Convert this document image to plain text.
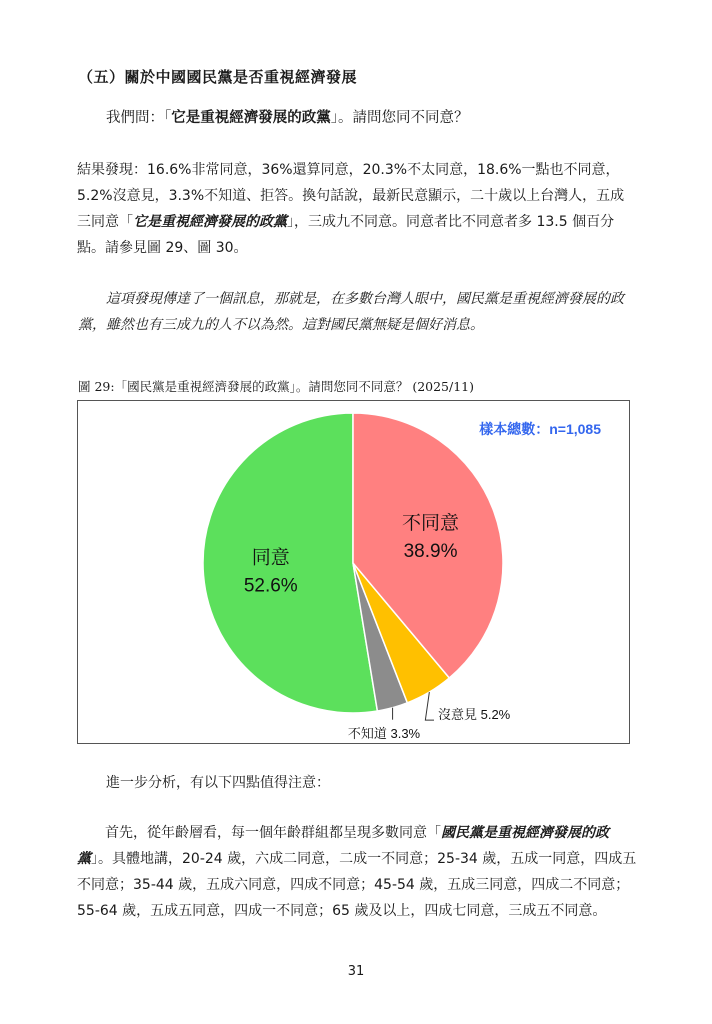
（五）關於中國國民黨是否重視經濟發展
我們問：「它是重視經濟發展的政黨」。請問您同不同意？
結果發現：16.6%非常同意，36%還算同意，20.3%不太同意，18.6%一點也不同意，5.2%沒意見，3.3%不知道、拒答。換句話說，最新民意顯示，二十歲以上台灣人，五成三同意「它是重視經濟發展的政黨」，三成九不同意。同意者比不同意者多 13.5 個百分點。請參見圖 29、圖 30。
這項發現傳達了一個訊息，那就是，在多數台灣人眼中，國民黨是重視經濟發展的政黨，雖然也有三成九的人不以為然。這對國民黨無疑是個好消息。
圖 29:「國民黨是重視經濟發展的政黨」。請問您同不同意？ (2025/11)
樣本總數：n=1,085
不同意
38.9%
同意
52.6%
沒意見 5.2%
不知道 3.3%
進一步分析，有以下四點值得注意：
首先，從年齡層看，每一個年齡群組都呈現多數同意「國民黨是重視經濟發展的政黨」。具體地講，20-24 歲，六成二同意，二成一不同意；25-34 歲，五成一同意，四成五不同意；35-44 歲，五成六同意，四成不同意；45-54 歲，五成三同意，四成二不同意；55-64 歲，五成五同意，四成一不同意；65 歲及以上，四成七同意，三成五不同意。
31
